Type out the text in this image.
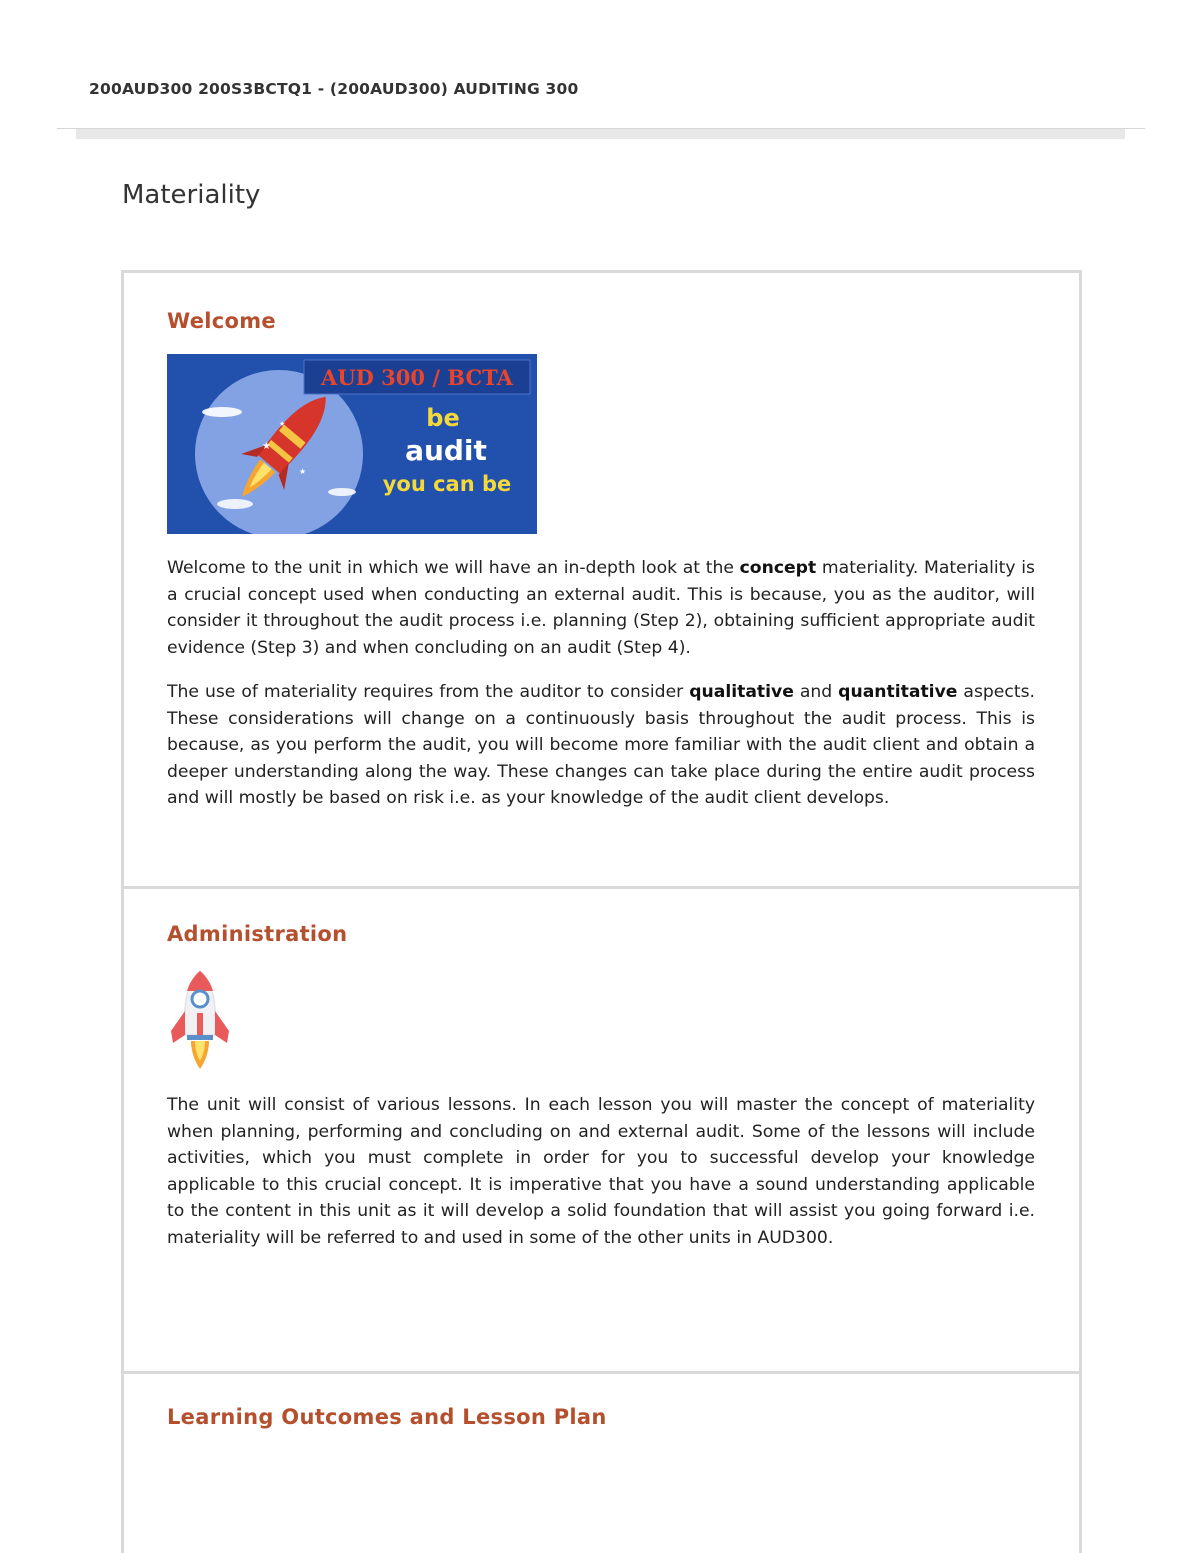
200AUD300 200S3BCTQ1 - (200AUD300) AUDITING 300
Materiality
Welcome
★
★
★
AUD 300 / BCTA
be
audit
you can be

Welcome to the unit in which we will have an in-depth look at the concept materiality. Materiality is a crucial concept used when conducting an external audit. This is because, you as the auditor, will consider it throughout the audit process i.e. planning (Step 2), obtaining sufficient appropriate audit evidence (Step 3) and when concluding on an audit (Step 4).

The use of materiality requires from the auditor to consider qualitative and quantitative aspects. These considerations will change on a continuously basis throughout the audit process. This is because, as you perform the audit, you will become more familiar with the audit client and obtain a deeper understanding along the way. These changes can take place during the entire audit process and will mostly be based on risk i.e. as your knowledge of the audit client develops.

Administration

The unit will consist of various lessons. In each lesson you will master the concept of materiality when planning, performing and concluding on and external audit. Some of the lessons will include activities, which you must complete in order for you to successful develop your knowledge applicable to this crucial concept. It is imperative that you have a sound understanding applicable to the content in this unit as it will develop a solid foundation that will assist you going forward i.e. materiality will be referred to and used in some of the other units in AUD300.

Learning Outcomes and Lesson Plan
